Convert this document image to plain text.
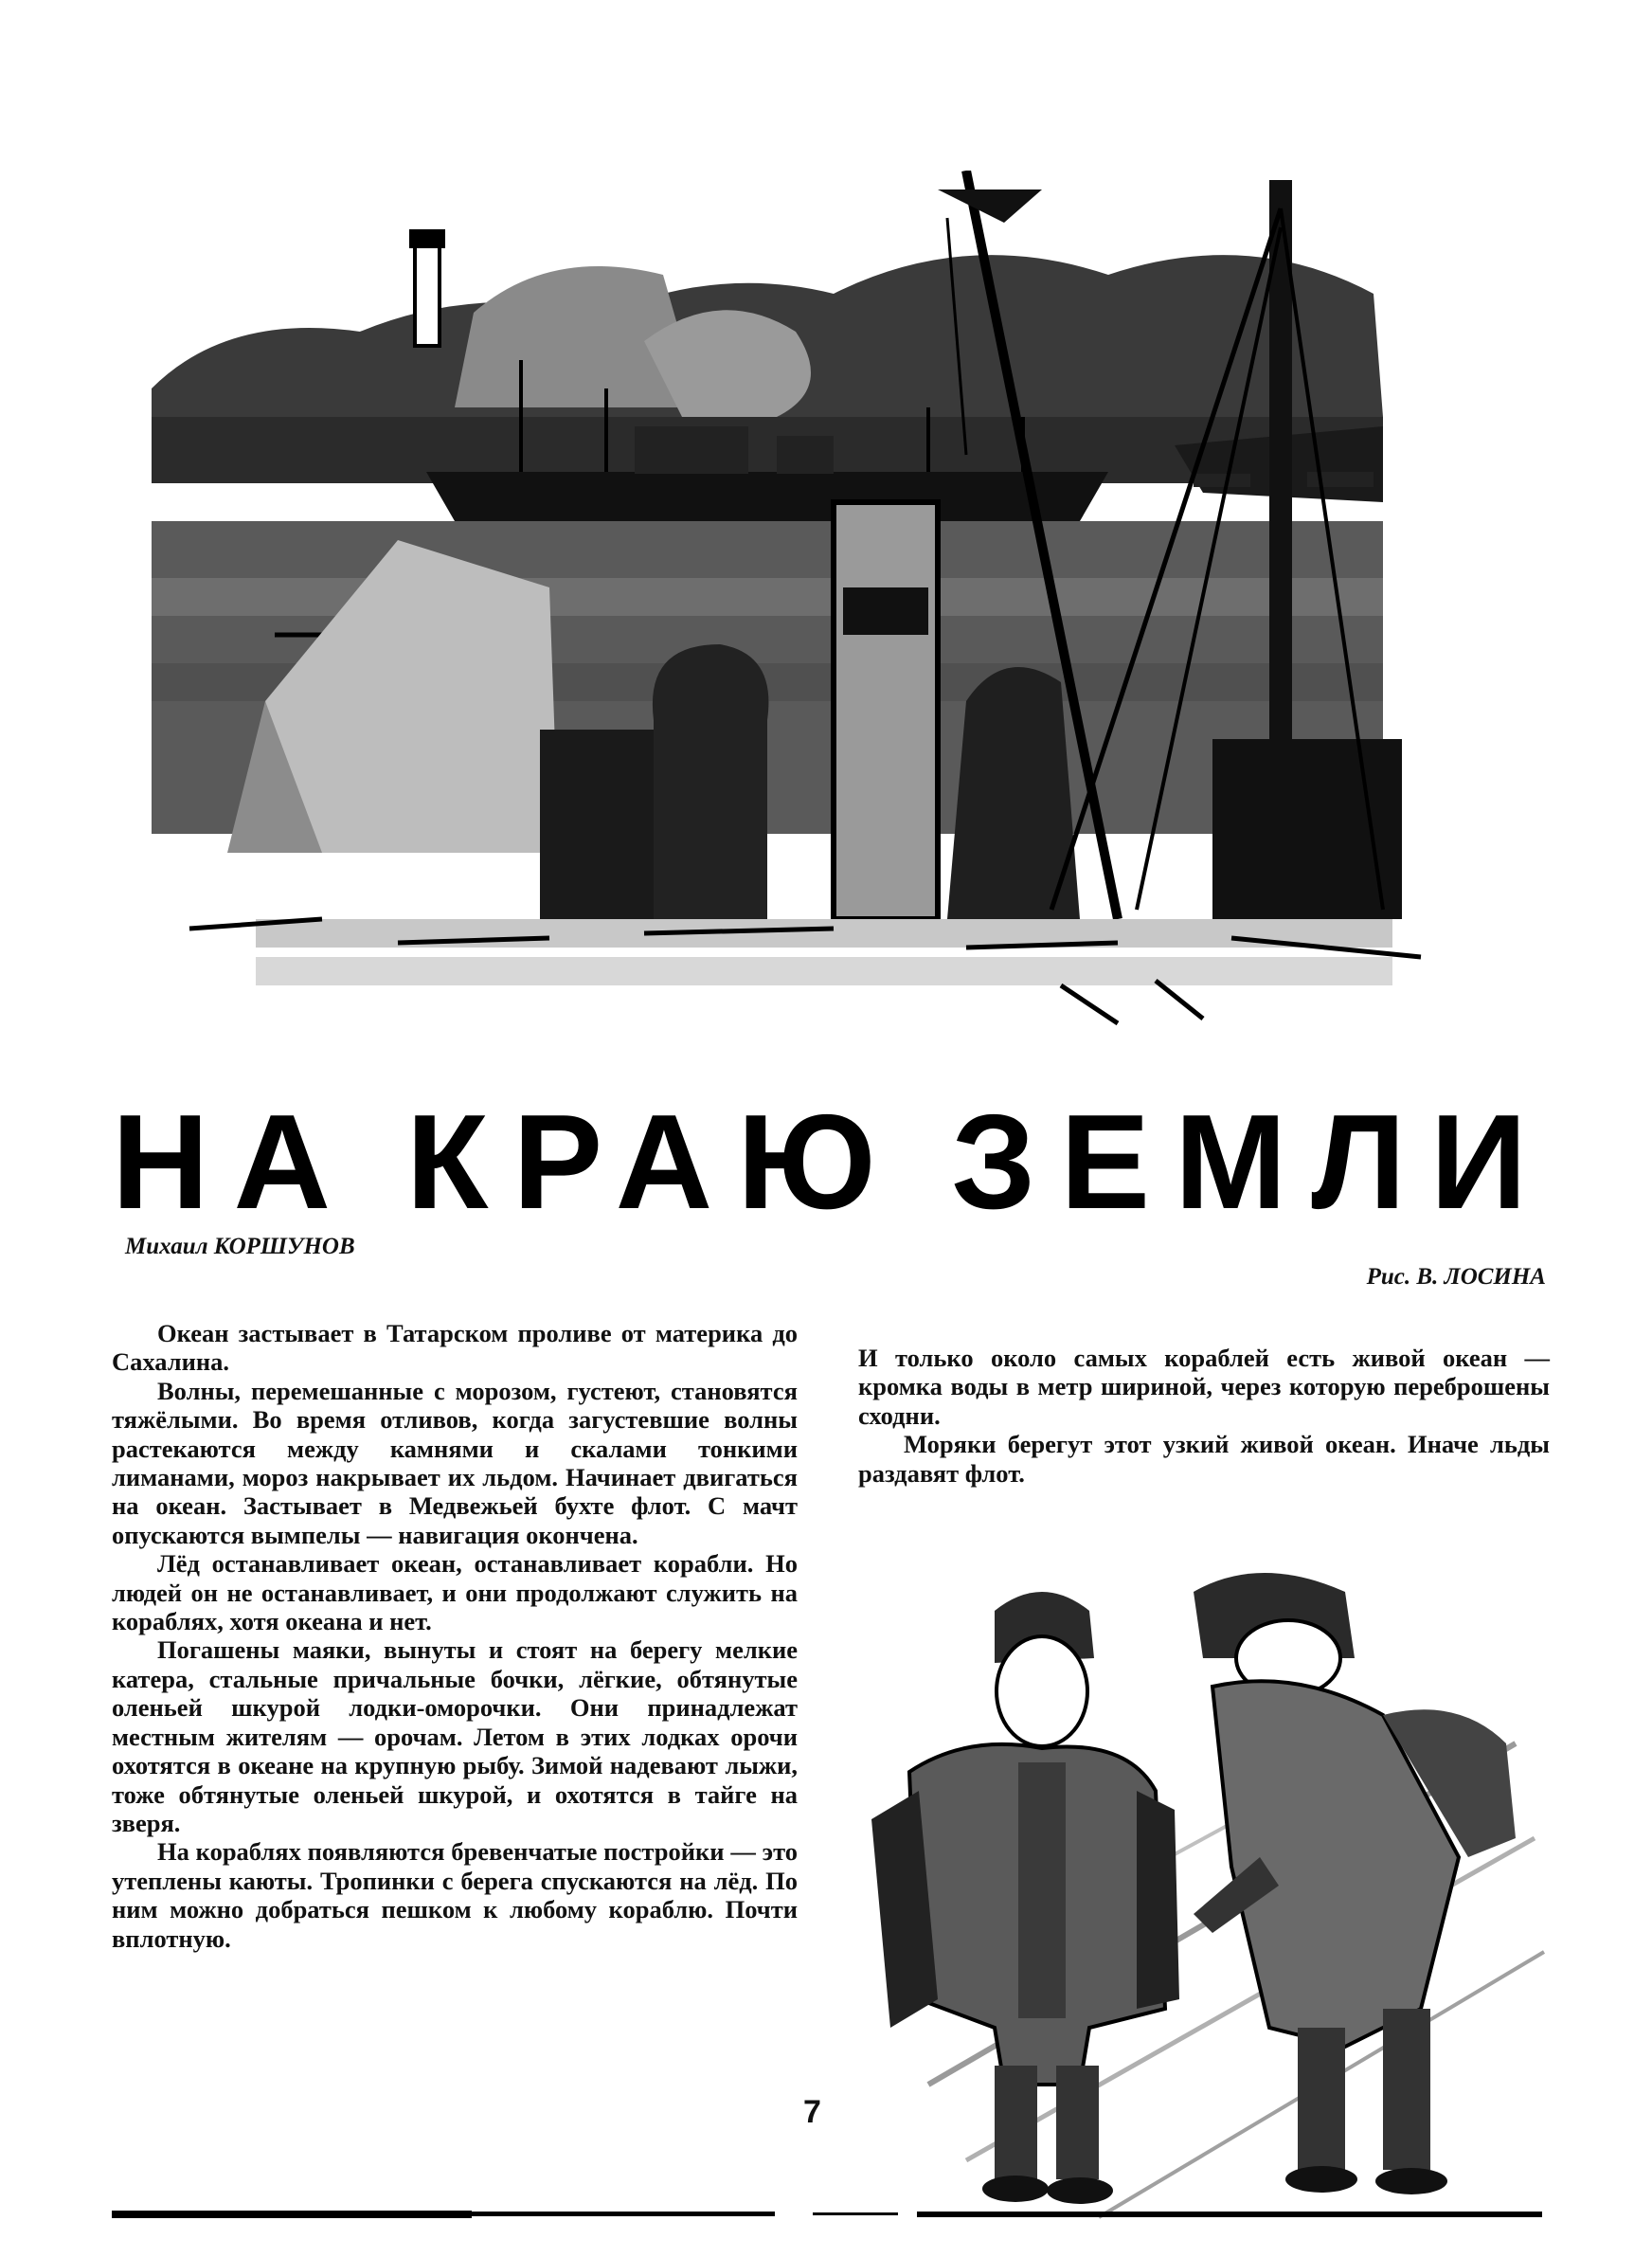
НА КРАЮ ЗЕМЛИ
Михаил КОРШУНОВ
Рис. В. ЛОСИНА

Океан застывает в Татарском проливе от материка до Сахалина.

Волны, перемешанные с морозом, густеют, становятся тяжёлыми. Во время отливов, когда загустевшие волны растекаются между камнями и скалами тонкими лиманами, мороз накрывает их льдом. Начинает двигаться на океан. Застывает в Медвежьей бухте флот. С мачт опускаются вымпелы — навигация окончена.

Лёд останавливает океан, останавливает корабли. Но людей он не останавливает, и они продолжают служить на кораблях, хотя океана и нет.

Погашены маяки, вынуты и стоят на берегу мелкие катера, стальные причальные бочки, лёгкие, обтянутые оленьей шкурой лодки-оморочки. Они принадлежат местным жителям — орочам. Летом в этих лодках орочи охотятся в океане на крупную рыбу. Зимой надевают лыжи, тоже обтянутые оленьей шкурой, и охотятся в тайге на зверя.

На кораблях появляются бревенчатые постройки — это утеплены каюты. Тропинки с берега спускаются на лёд. По ним можно добраться пешком к любому кораблю. Почти вплотную.

И только около самых кораблей есть живой океан — кромка воды в метр шириной, через которую переброшены сходни.

Моряки берегут этот узкий живой океан. Иначе льды раздавят флот.

7
